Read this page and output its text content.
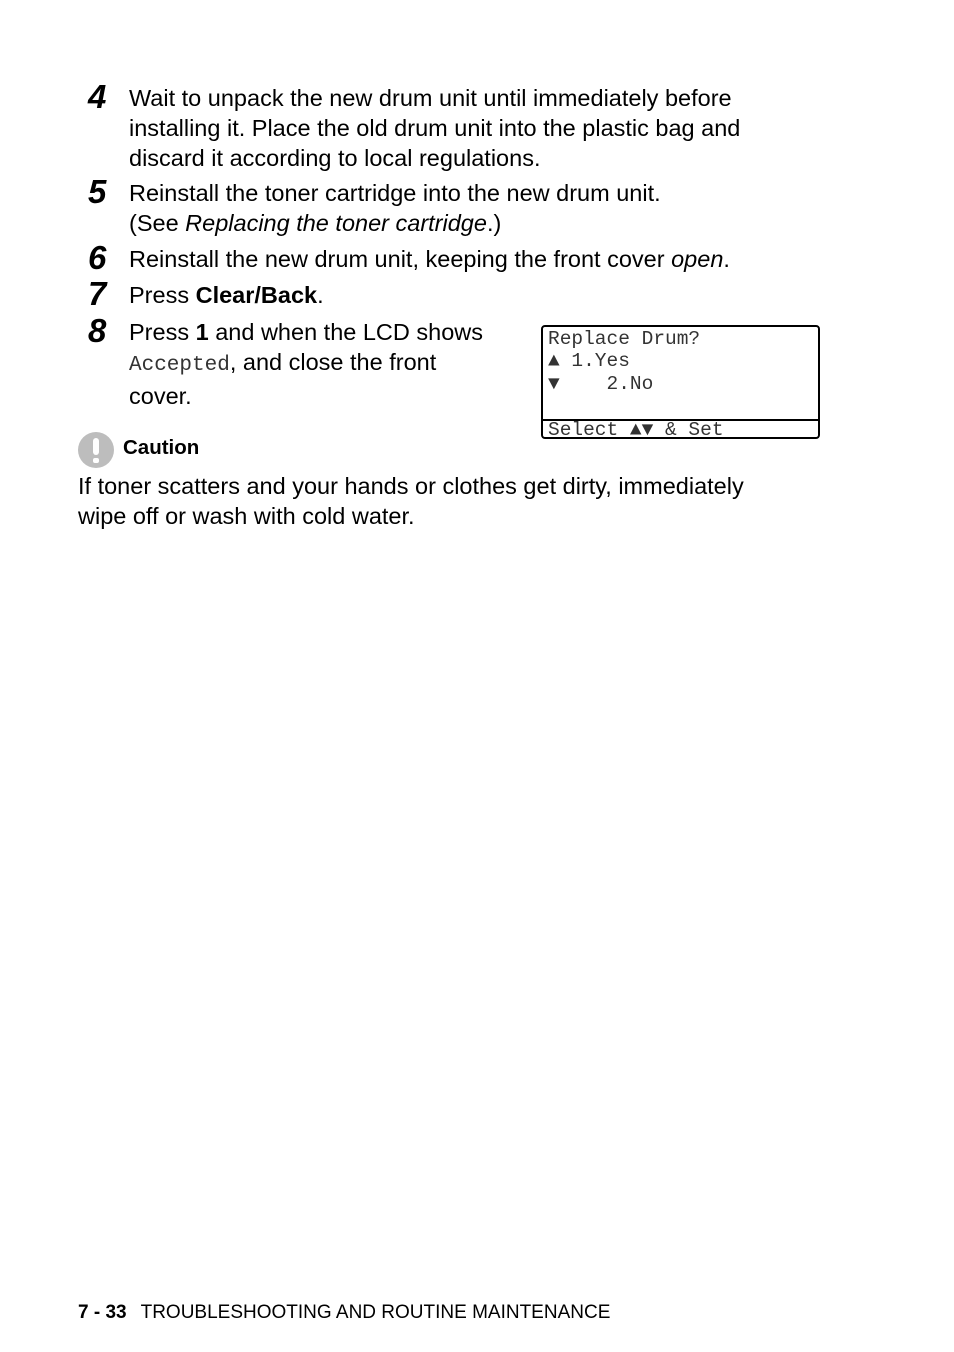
4 Wait to unpack the new drum unit until immediately before
installing it. Place the old drum unit into the plastic bag and
discard it according to local regulations.
5 Reinstall the toner cartridge into the new drum unit.
(See Replacing the toner cartridge.)
6 Reinstall the new drum unit, keeping the front cover open.
7 Press Clear/Back.
8 Press 1 and when the LCD shows
Accepted, and close the front
cover.
Replace Drum?
▲ 1.Yes
▼    2.No
Select ▲▼ & Set
Caution
If toner scatters and your hands or clothes get dirty, immediately
wipe off or wash with cold water.
7 - 33 TROUBLESHOOTING AND ROUTINE MAINTENANCE
